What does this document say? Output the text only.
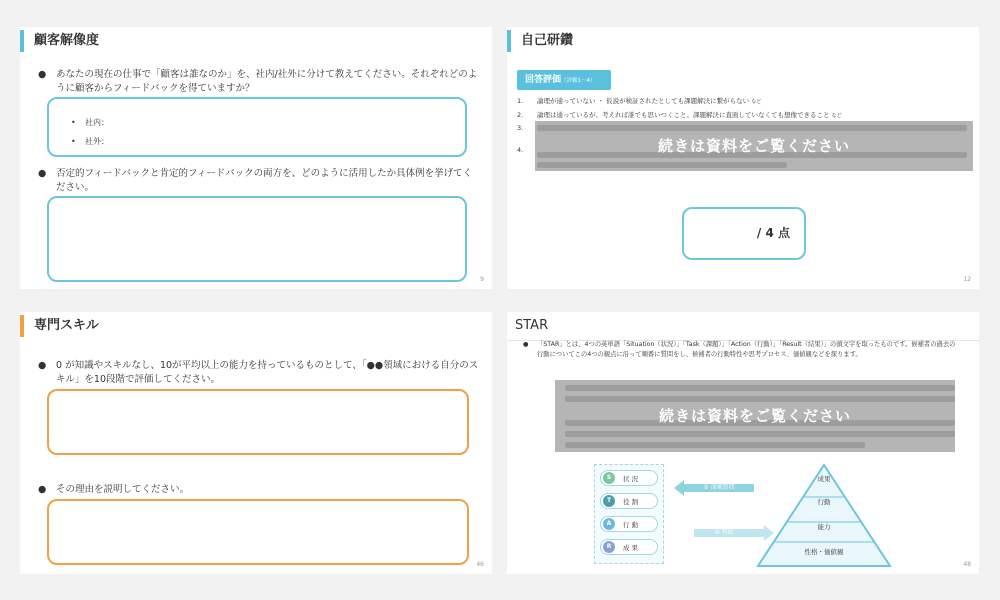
顧客解像度
● あなたの現在の仕事で「顧客は誰なのか」を、社内/社外に分けて教えてください。それぞれどのように顧客からフィードバックを得ていますか？
• 社内：
• 社外：
● 否定的フィードバックと肯定的フィードバックの両方を、どのように活用したか具体例を挙げてください。
9
自己研鑽
回答評価（評価1〜4）
1. 論理が通っていない ・ 仮説が検証されたとしても課題解決に繋がらない など
2. 論理は通っているが、考えれば誰でも思いつくこと。課題解決に直面していなくても想像できること など
3.
4.	続きは資料をご覧ください
/ 4 点
12
専門スキル
● 0 が知識やスキルなし、10が平均以上の能力を持っているものとして、「●●領域における自分のスキル」を10段階で評価してください。
● その理由を説明してください。
46
STAR
● 「STAR」とは、4つの英単語「Situation（状況）」「Task（課題）」「Action（行動）」「Result（結果）」の頭文字を取ったものです。候補者の過去の行動についてこの4つの観点に沿って順番に質問をし、候補者の行動特性や思考プロセス、価値観などを探ります。
続きは資料をご覧ください
S	状 況
T	役 割
A	行 動
R	成 果
① 深堀質問
② 判断
成果
行動
能力
性格・価値観
48
